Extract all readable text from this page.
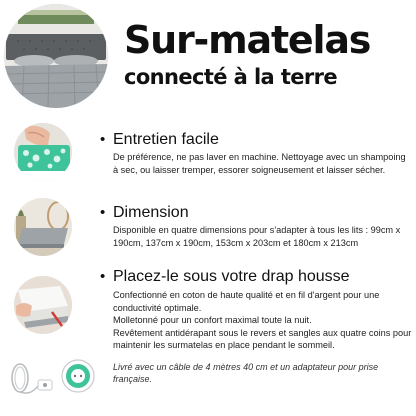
Sur-matelas
connecté à la terre
• Entretien facile

De préférence, ne pas laver en machine. Nettoyage avec un shampoing à sec, ou laisser tremper, essorer soigneusement et laisser sécher.

• Dimension

Disponible en quatre dimensions pour s'adapter à tous les lits : 99cm x 190cm, 137cm x 190cm, 153cm x 203cm et 180cm x 213cm

• Placez-le sous votre drap housse

Confectionné en coton de haute qualité et en fil d'argent pour une conductivité optimale.

Molletonné pour un confort maximal toute la nuit.

Revêtement antidérapant sous le revers et sangles aux quatre coins pour maintenir les surmatelas en place pendant le sommeil.

Livré avec un câble de 4 mètres 40 cm et un adaptateur pour prise française.
